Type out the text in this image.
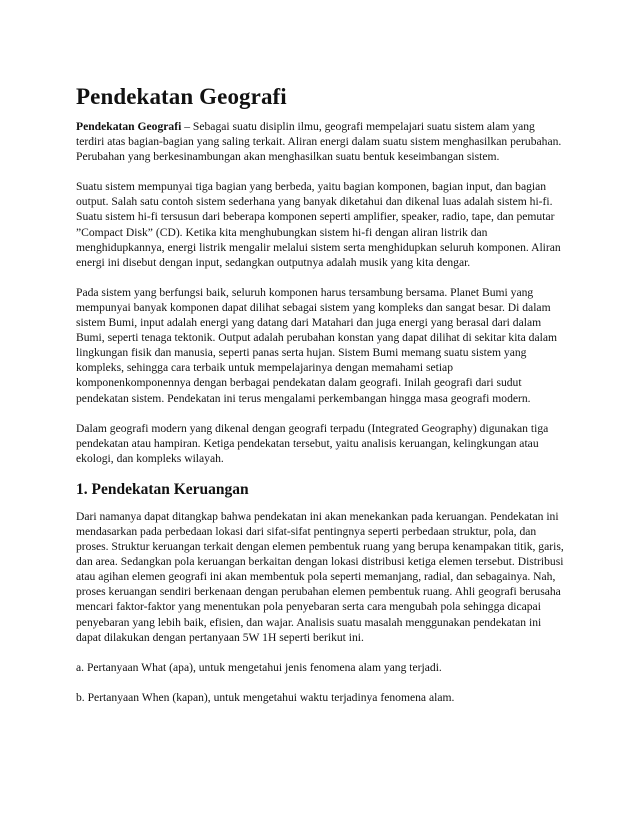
Pendekatan Geografi

Pendekatan Geografi – Sebagai suatu disiplin ilmu, geografi mempelajari suatu sistem alam yang terdiri atas bagian-bagian yang saling terkait. Aliran energi dalam suatu sistem menghasilkan perubahan. Perubahan yang berkesinambungan akan menghasilkan suatu bentuk keseimbangan sistem.

Suatu sistem mempunyai tiga bagian yang berbeda, yaitu bagian komponen, bagian input, dan bagian output. Salah satu contoh sistem sederhana yang banyak diketahui dan dikenal luas adalah sistem hi-fi. Suatu sistem hi-fi tersusun dari beberapa komponen seperti amplifier, speaker, radio, tape, dan pemutar ”Compact Disk” (CD). Ketika kita menghubungkan sistem hi-fi dengan aliran listrik dan menghidupkannya, energi listrik mengalir melalui sistem serta menghidupkan seluruh komponen. Aliran energi ini disebut dengan input, sedangkan outputnya adalah musik yang kita dengar.

Pada sistem yang berfungsi baik, seluruh komponen harus tersambung bersama. Planet Bumi yang mempunyai banyak komponen dapat dilihat sebagai sistem yang kompleks dan sangat besar. Di dalam sistem Bumi, input adalah energi yang datang dari Matahari dan juga energi yang berasal dari dalam Bumi, seperti tenaga tektonik. Output adalah perubahan konstan yang dapat dilihat di sekitar kita dalam lingkungan fisik dan manusia, seperti panas serta hujan. Sistem Bumi memang suatu sistem yang kompleks, sehingga cara terbaik untuk mempelajarinya dengan memahami setiap komponenkomponennya dengan berbagai pendekatan dalam geografi. Inilah geografi dari sudut pendekatan sistem. Pendekatan ini terus mengalami perkembangan hingga masa geografi modern.

Dalam geografi modern yang dikenal dengan geografi terpadu (Integrated Geography) digunakan tiga pendekatan atau hampiran. Ketiga pendekatan tersebut, yaitu analisis keruangan, kelingkungan atau ekologi, dan kompleks wilayah.

1. Pendekatan Keruangan

Dari namanya dapat ditangkap bahwa pendekatan ini akan menekankan pada keruangan. Pendekatan ini mendasarkan pada perbedaan lokasi dari sifat-sifat pentingnya seperti perbedaan struktur, pola, dan proses. Struktur keruangan terkait dengan elemen pembentuk ruang yang berupa kenampakan titik, garis, dan area. Sedangkan pola keruangan berkaitan dengan lokasi distribusi ketiga elemen tersebut. Distribusi atau agihan elemen geografi ini akan membentuk pola seperti memanjang, radial, dan sebagainya. Nah, proses keruangan sendiri berkenaan dengan perubahan elemen pembentuk ruang. Ahli geografi berusaha mencari faktor-faktor yang menentukan pola penyebaran serta cara mengubah pola sehingga dicapai penyebaran yang lebih baik, efisien, dan wajar. Analisis suatu masalah menggunakan pendekatan ini dapat dilakukan dengan pertanyaan 5W 1H seperti berikut ini.

a. Pertanyaan What (apa), untuk mengetahui jenis fenomena alam yang terjadi.

b. Pertanyaan When (kapan), untuk mengetahui waktu terjadinya fenomena alam.
